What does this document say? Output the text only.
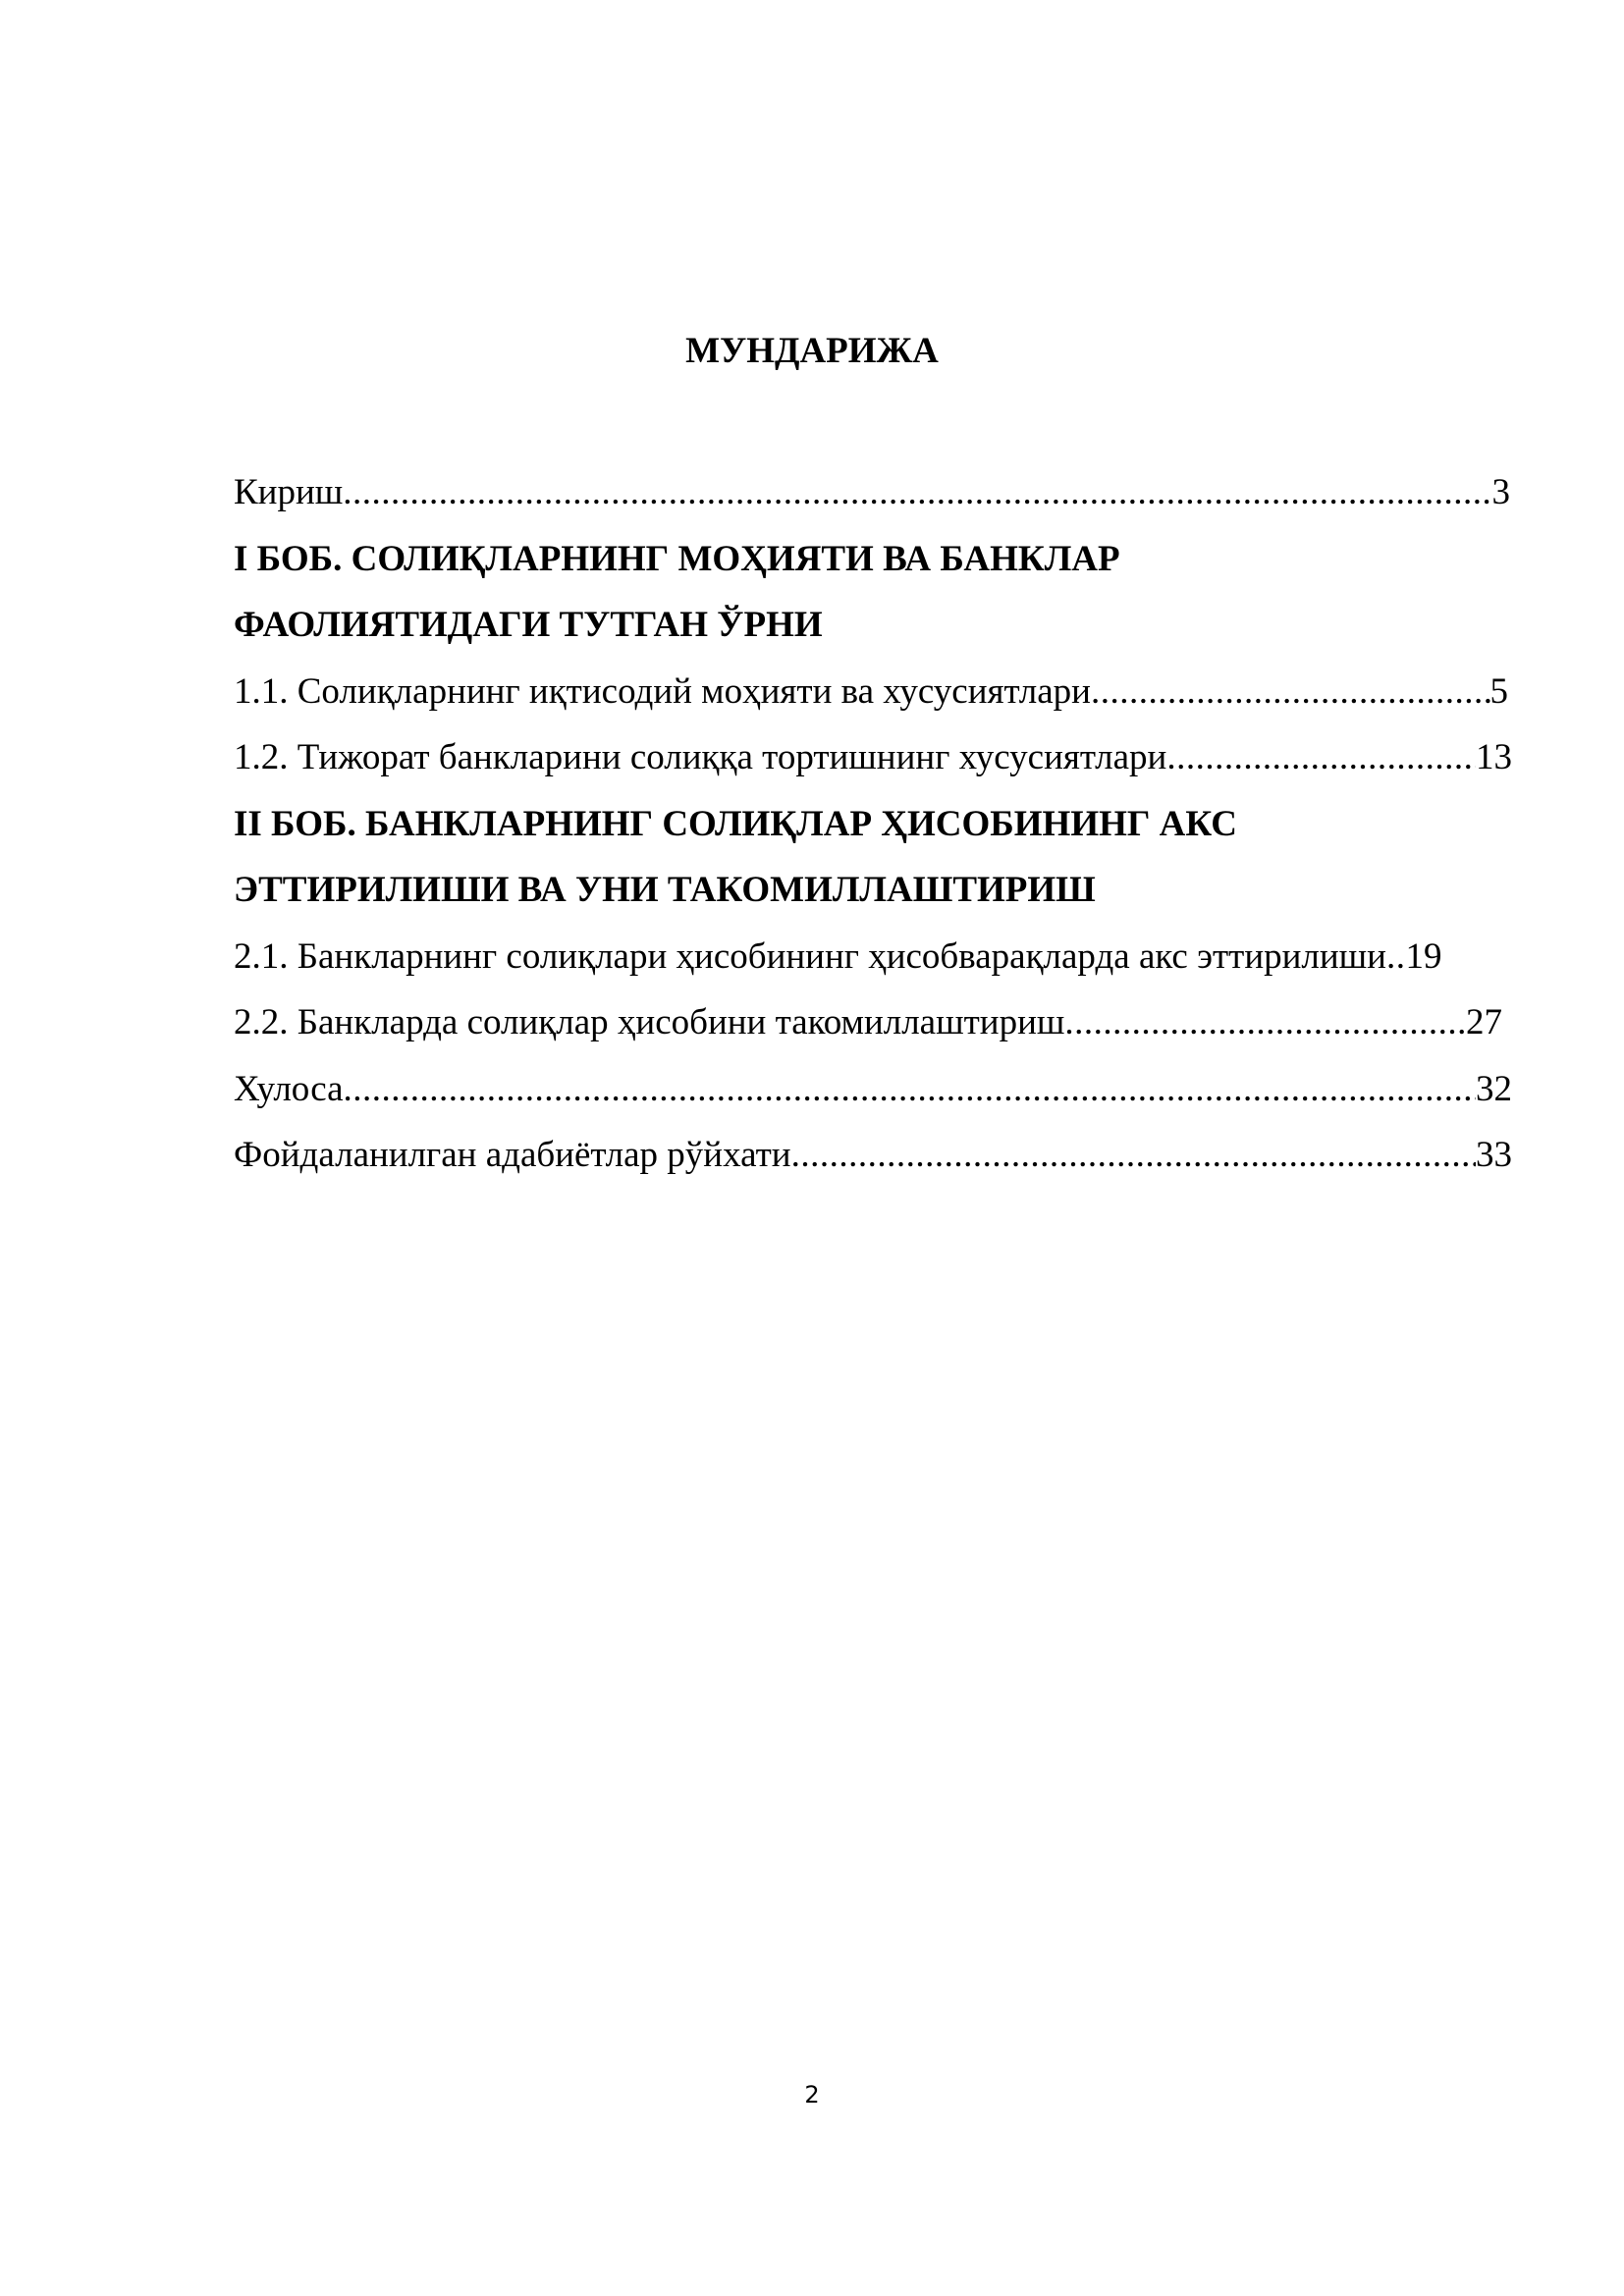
МУНДАРИЖА
Кириш .....	3
І БОБ. СОЛИҚЛАРНИНГ МОҲИЯТИ ВА БАНКЛАР
ФАОЛИЯТИДАГИ ТУТГАН ЎРНИ
1.1. Солиқларнинг иқтисодий моҳияти ва хусусиятлари .....	5
1.2. Тижорат банкларини солиққа тортишнинг хусусиятлари .....	13
II БОБ. БАНКЛАРНИНГ СОЛИҚЛАР ҲИСОБИНИНГ АКС
ЭТТИРИЛИШИ ВА УНИ ТАКОМИЛЛАШТИРИШ
2.1. Банкларнинг солиқлари ҳисобининг ҳисобварақларда акс эттирилиши .. 19
2.2. Банкларда солиқлар ҳисобини такомиллаштириш .....	27
Хулоса .....	32
Фойдаланилган адабиётлар рўйхати .....	33

2
